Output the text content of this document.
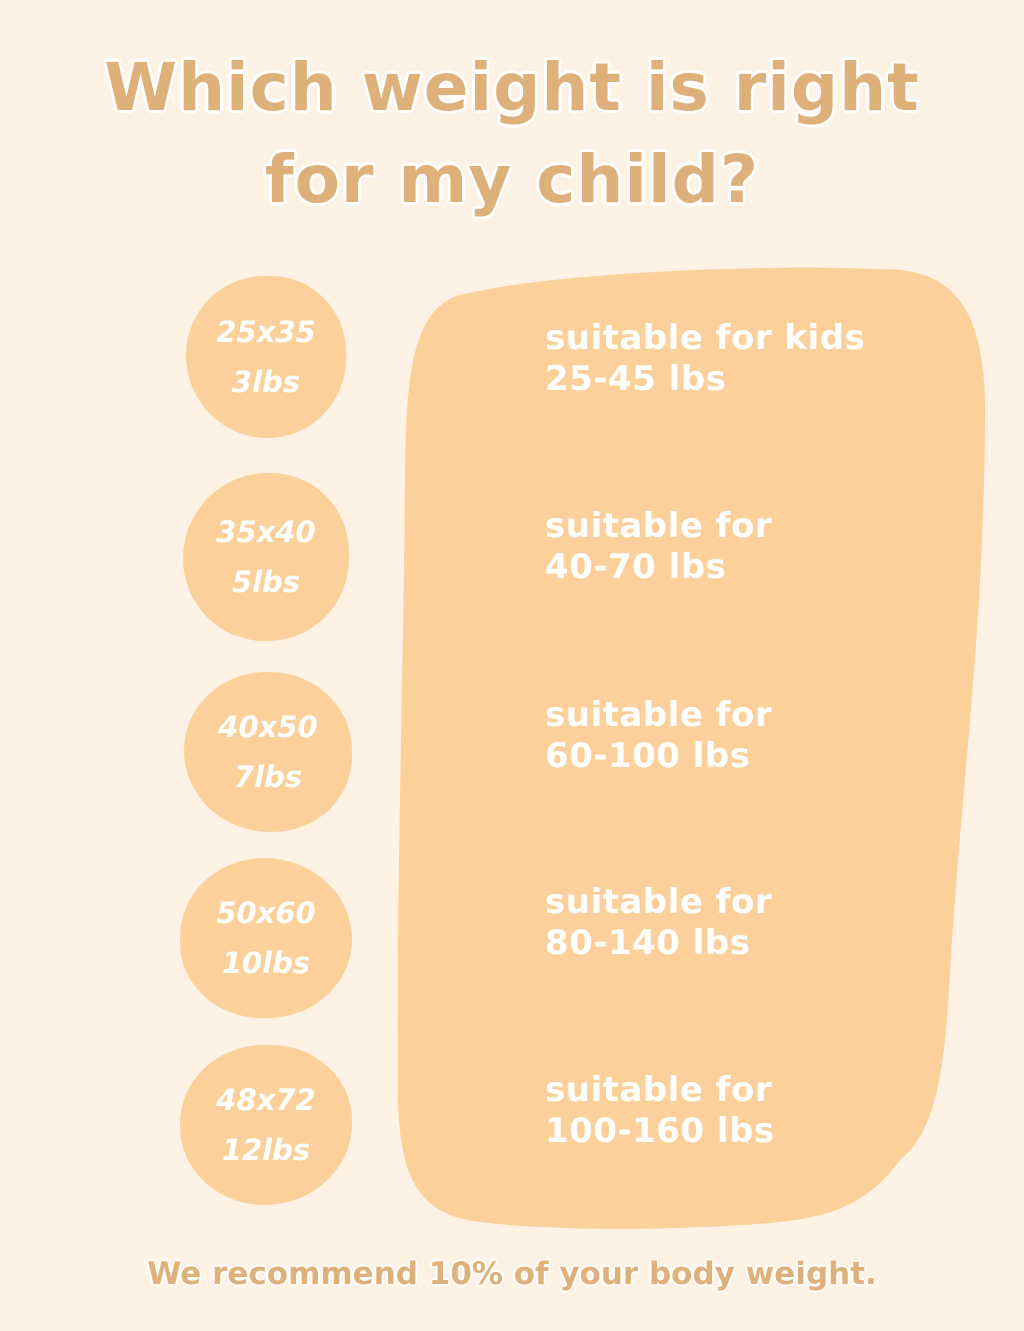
Which weight is right
for my child?
25x35
3lbs
35x40
5lbs
40x50
7lbs
50x60
10lbs
48x72
12lbs
suitable for kids
25-45 lbs
suitable for
40-70 lbs
suitable for
60-100 lbs
suitable for
80-140 lbs
suitable for
100-160 lbs
We recommend 10% of your body weight.
